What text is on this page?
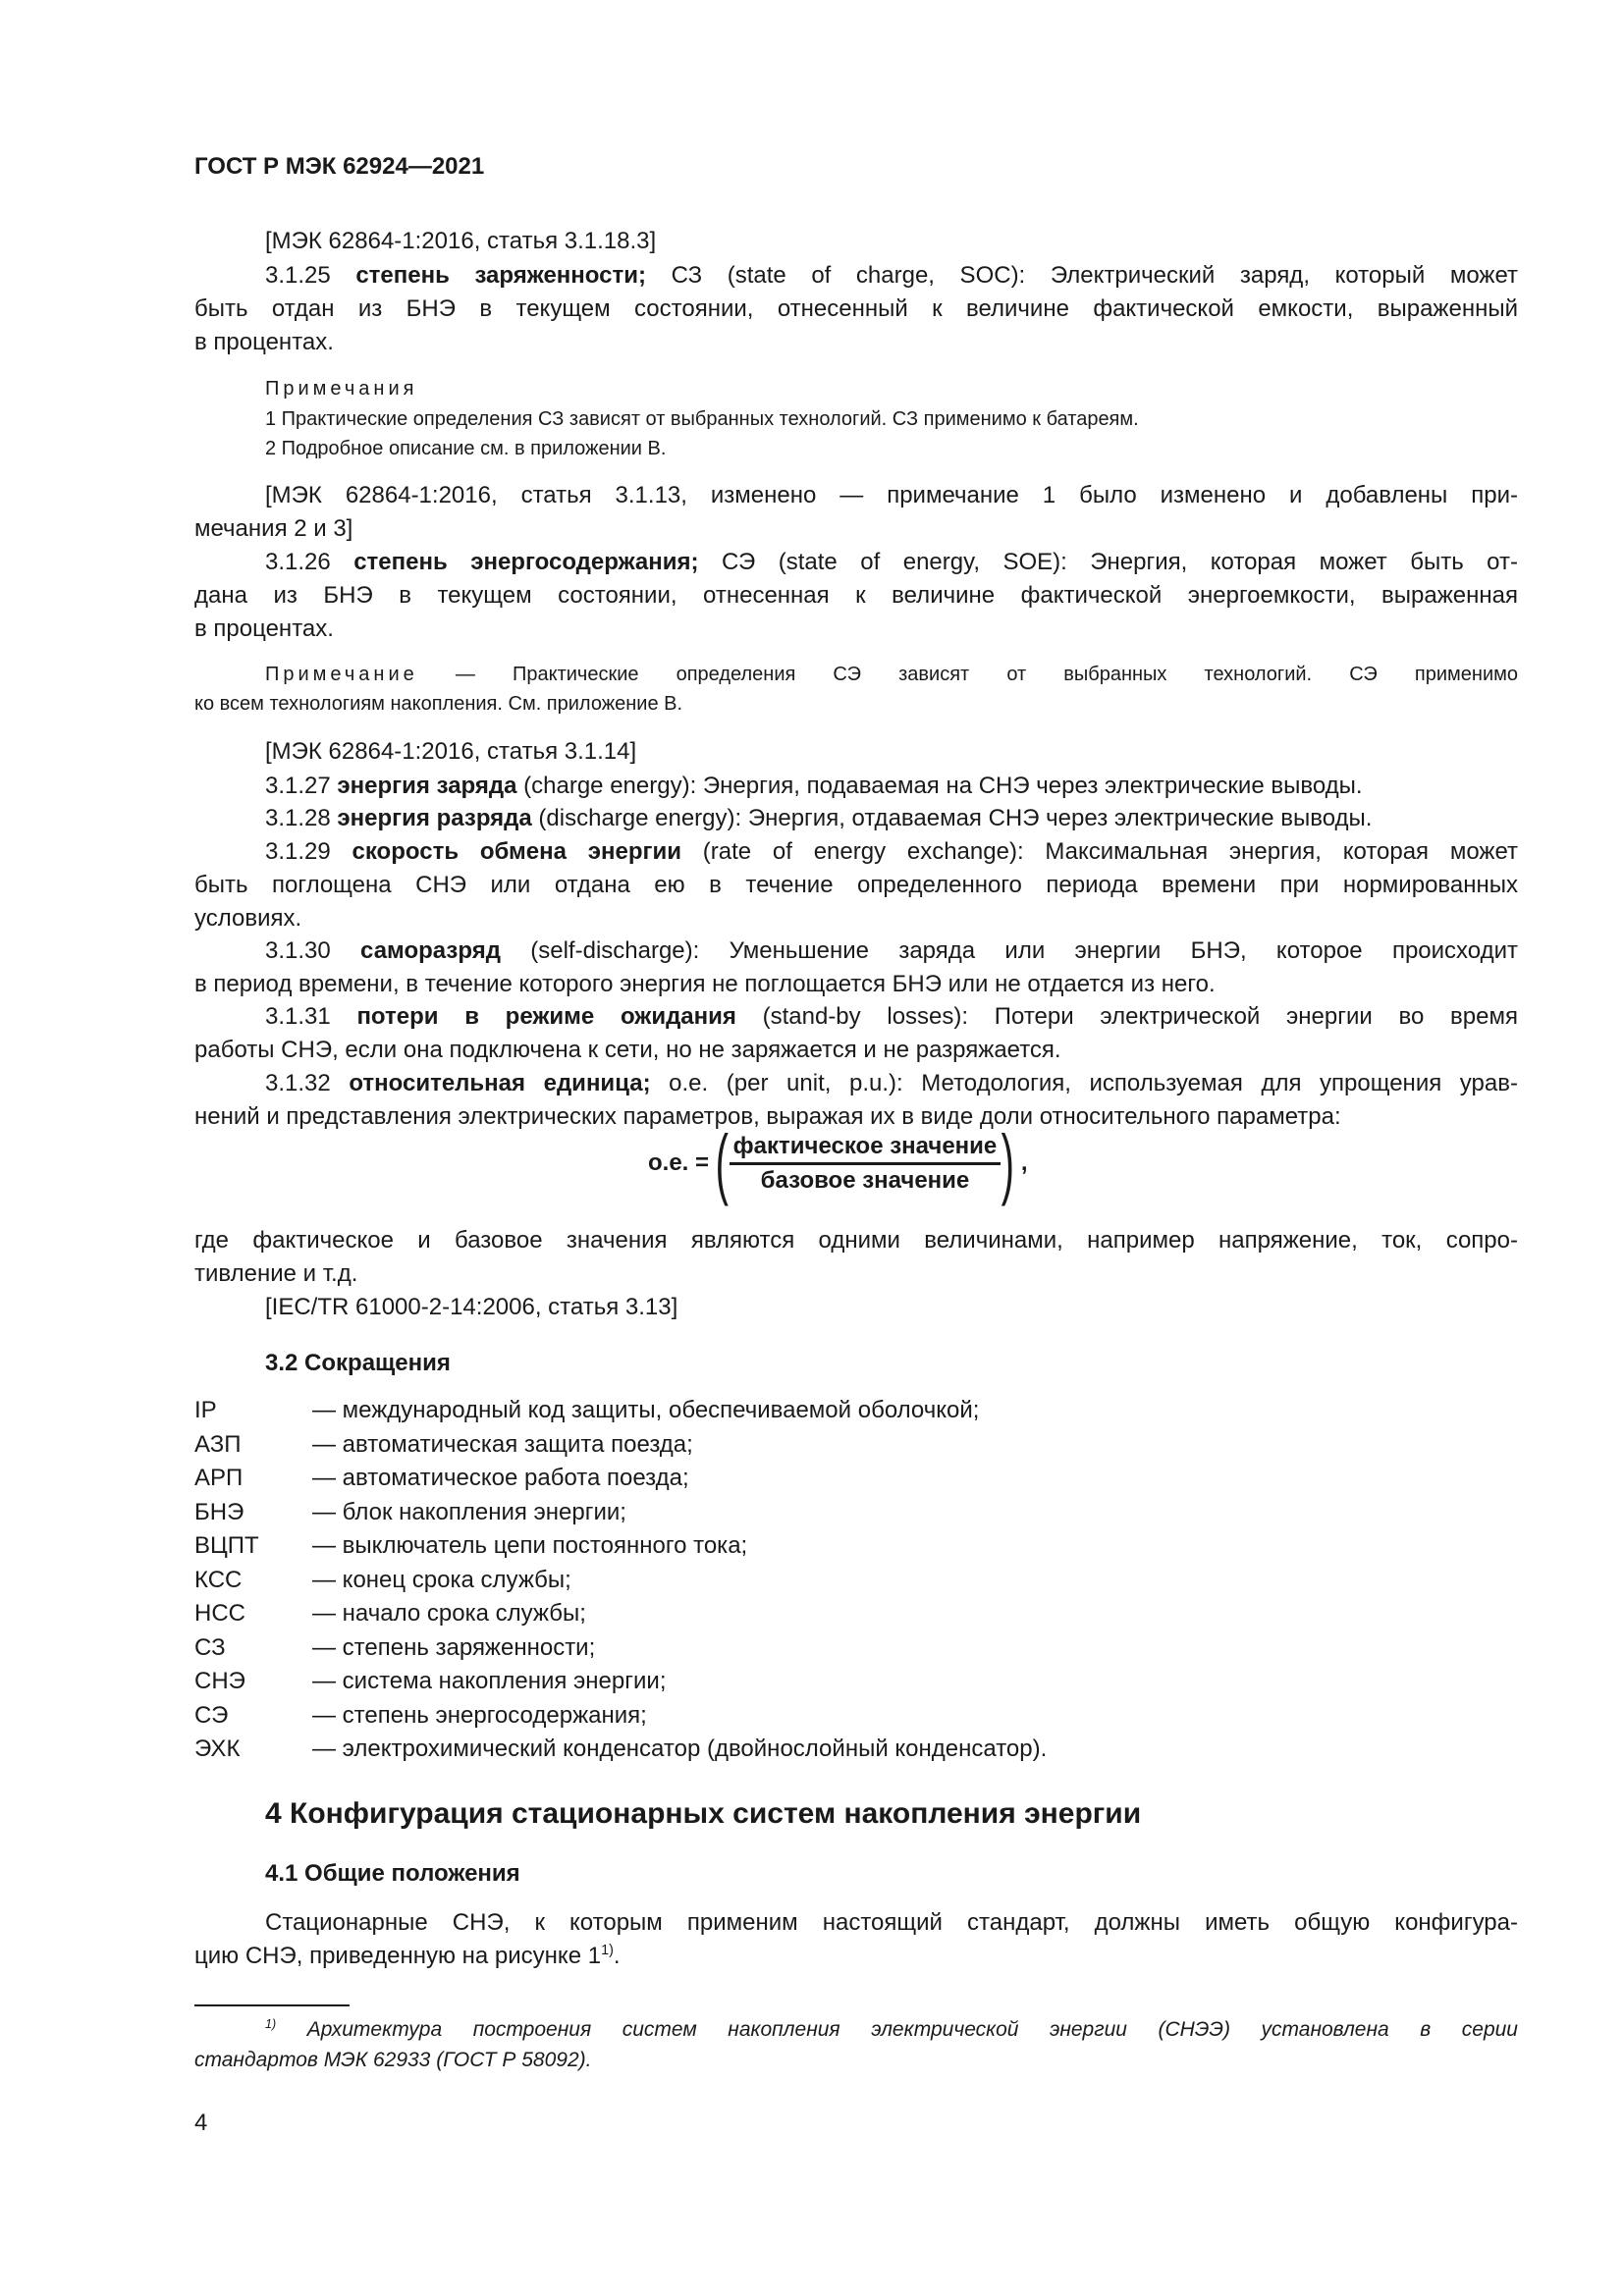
ГОСТ Р МЭК 62924—2021
[МЭК 62864-1:2016, статья 3.1.18.3]
3.1.25 степень заряженности; СЗ (state of charge, SOC): Электрический заряд, который может
быть отдан из БНЭ в текущем состоянии, отнесенный к величине фактической емкости, выраженный
в процентах.
Примечания
1 Практические определения СЗ зависят от выбранных технологий. СЗ применимо к батареям.
2 Подробное описание см. в приложении В.
[МЭК 62864-1:2016, статья 3.1.13, изменено — примечание 1 было изменено и добавлены при-
мечания 2 и 3]
3.1.26 степень энергосодержания; СЭ (state of energy, SOE): Энергия, которая может быть от-
дана из БНЭ в текущем состоянии, отнесенная к величине фактической энергоемкости, выраженная
в процентах.
Примечание — Практические определения СЭ зависят от выбранных технологий. СЭ применимо
ко всем технологиям накопления. См. приложение В.
[МЭК 62864-1:2016, статья 3.1.14]
3.1.27 энергия заряда (charge energy): Энергия, подаваемая на СНЭ через электрические выводы.
3.1.28 энергия разряда (discharge energy): Энергия, отдаваемая СНЭ через электрические выводы.
3.1.29 скорость обмена энергии (rate of energy exchange): Максимальная энергия, которая может
быть поглощена СНЭ или отдана ею в течение определенного периода времени при нормированных
условиях.
3.1.30 саморазряд (self-discharge): Уменьшение заряда или энергии БНЭ, которое происходит
в период времени, в течение которого энергия не поглощается БНЭ или не отдается из него.
3.1.31 потери в режиме ожидания (stand-by losses): Потери электрической энергии во время
работы СНЭ, если она подключена к сети, но не заряжается и не разряжается.
3.1.32 относительная единица; о.е. (per unit, p.u.): Методология, используемая для упрощения урав-
нений и представления электрических параметров, выражая их в виде доли относительного параметра:
где фактическое и базовое значения являются одними величинами, например напряжение, ток, сопро-
тивление и т.д.
[IEC/TR 61000-2-14:2006, статья 3.13]
3.2 Сокращения
4 Конфигурация стационарных систем накопления энергии
4.1 Общие положения
Стационарные СНЭ, к которым применим настоящий стандарт, должны иметь общую конфигура-
цию СНЭ, приведенную на рисунке 1$^{1)}$.
$^{1)}$ Архитектура построения систем накопления электрической энергии (СНЭЭ) установлена в серии
стандартов МЭК 62933 (ГОСТ Р 58092).
о.е. = ( $\frac{\text{фактическое значение}}{\text{базовое значение}}$ ) ,
IP	— международный код защиты, обеспечиваемой оболочкой;
АЗП	— автоматическая защита поезда;
АРП	— автоматическое работа поезда;
БНЭ	— блок накопления энергии;
ВЦПТ	— выключатель цепи постоянного тока;
КСС	— конец срока службы;
НСС	— начало срока службы;
СЗ	— степень заряженности;
СНЭ	— система накопления энергии;
СЭ	— степень энергосодержания;
ЭХК	— электрохимический конденсатор (двойнослойный конденсатор).
4
